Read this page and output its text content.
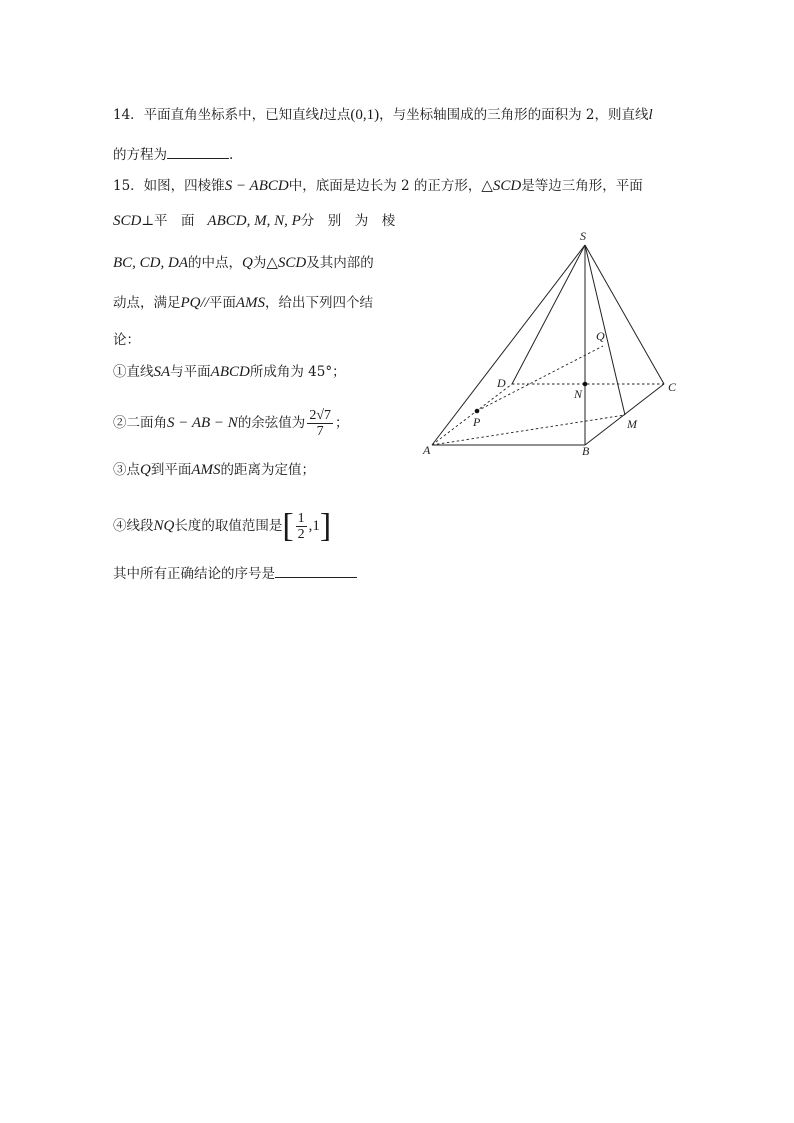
14．平面直角坐标系中，已知直线l过点(0,1)，与坐标轴围成的三角形的面积为 2，则直线l
的方程为	.
15．如图，四棱锥S − ABCD中，底面是边长为 2 的正方形，△SCD是等边三角形，平面
SCD⊥平　面 ABCD, M, N, P分　别　为　棱
BC, CD, DA的中点，Q为△SCD及其内部的
动点，满足PQ//平面AMS，给出下列四个结
论：
①直线SA与平面ABCD所成角为 45°；
②二面角S − AB − N的余弦值为 $\frac{2√7}{7}$ ；
③点Q到平面AMS的距离为定值；
④线段NQ长度的取值范围是[ $\frac{1}{2} ,1$]
其中所有正确结论的序号是
S
Q
D
N	C
P	M
A	B
